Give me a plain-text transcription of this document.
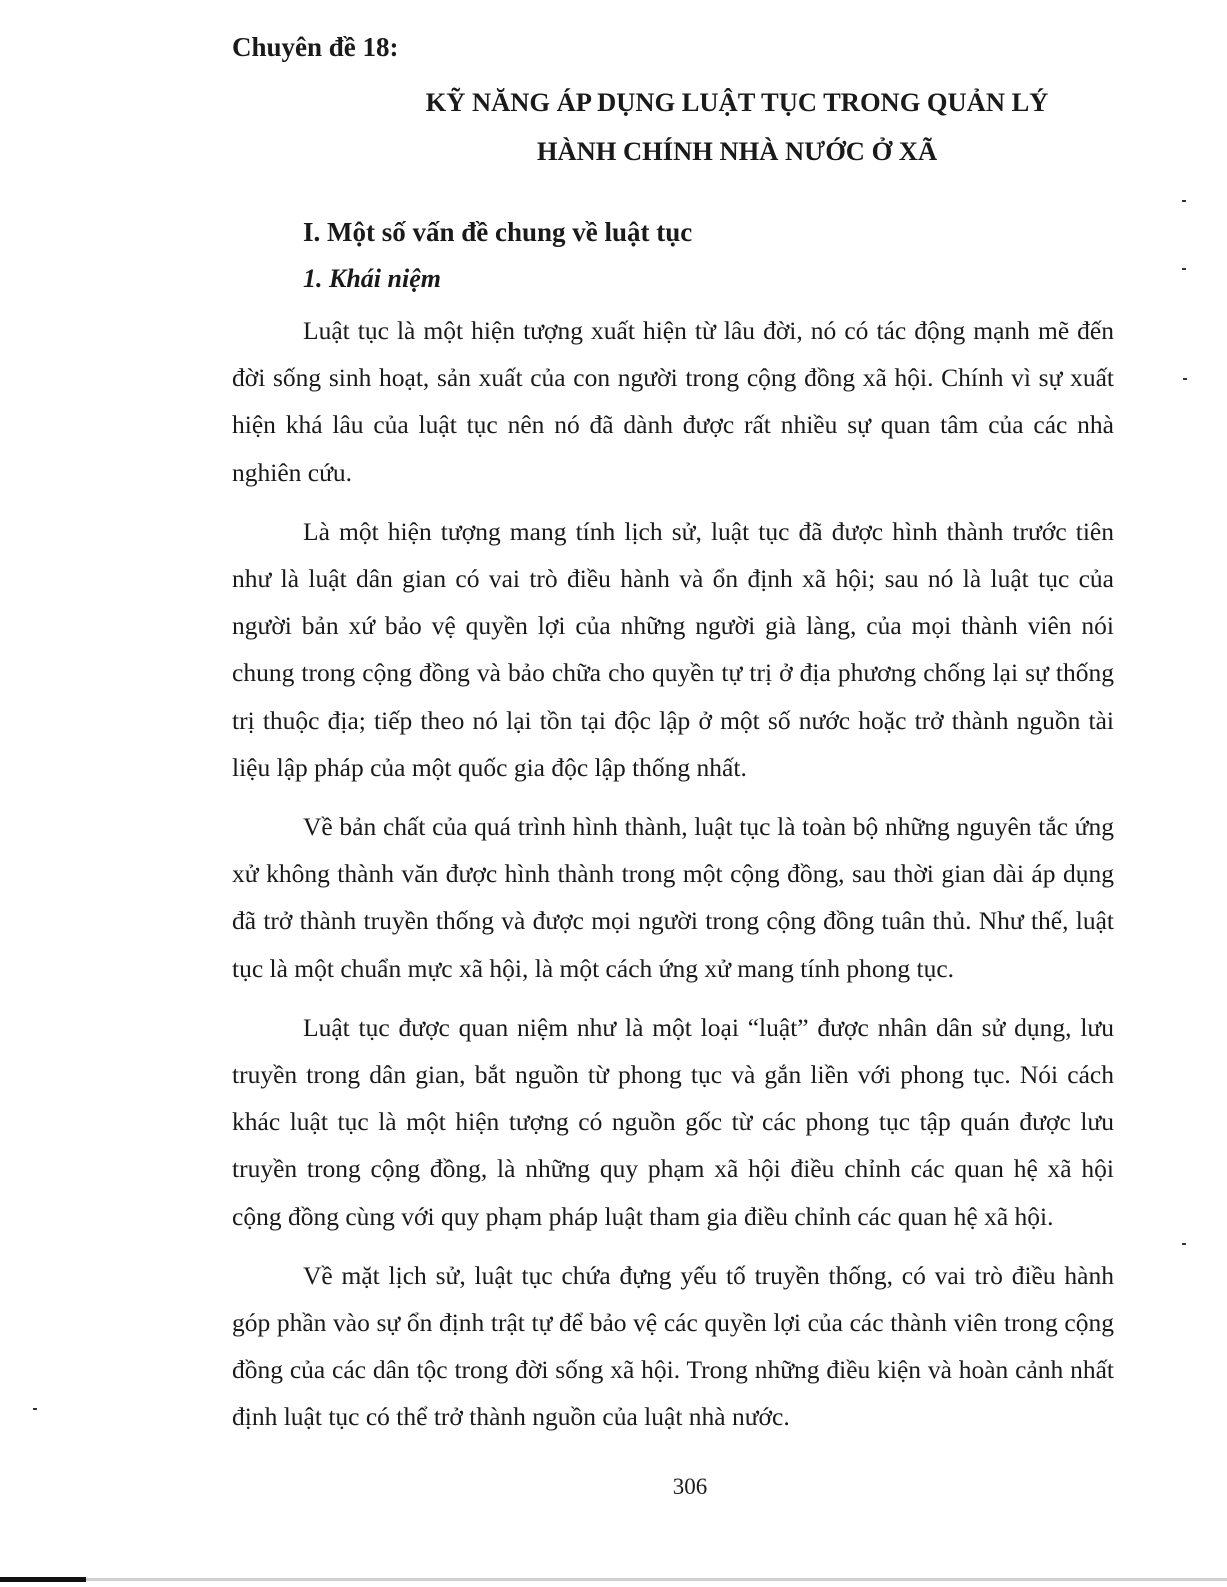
Chuyên đề 18:
KỸ NĂNG ÁP DỤNG LUẬT TỤC TRONG QUẢN LÝ
HÀNH CHÍNH NHÀ NƯỚC Ở XÃ
I. Một số vấn đề chung về luật tục
1. Khái niệm

Luật tục là một hiện tượng xuất hiện từ lâu đời, nó có tác động mạnh mẽ đến đời sống sinh hoạt, sản xuất của con người trong cộng đồng xã hội. Chính vì sự xuất hiện khá lâu của luật tục nên nó đã dành được rất nhiều sự quan tâm của các nhà nghiên cứu.

Là một hiện tượng mang tính lịch sử, luật tục đã được hình thành trước tiên như là luật dân gian có vai trò điều hành và ổn định xã hội; sau nó là luật tục của người bản xứ bảo vệ quyền lợi của những người già làng, của mọi thành viên nói chung trong cộng đồng và bảo chữa cho quyền tự trị ở địa phương chống lại sự thống trị thuộc địa; tiếp theo nó lại tồn tại độc lập ở một số nước hoặc trở thành nguồn tài liệu lập pháp của một quốc gia độc lập thống nhất.

Về bản chất của quá trình hình thành, luật tục là toàn bộ những nguyên tắc ứng xử không thành văn được hình thành trong một cộng đồng, sau thời gian dài áp dụng đã trở thành truyền thống và được mọi người trong cộng đồng tuân thủ. Như thế, luật tục là một chuẩn mực xã hội, là một cách ứng xử mang tính phong tục.

Luật tục được quan niệm như là một loại “luật” được nhân dân sử dụng, lưu truyền trong dân gian, bắt nguồn từ phong tục và gắn liền với phong tục. Nói cách khác luật tục là một hiện tượng có nguồn gốc từ các phong tục tập quán được lưu truyền trong cộng đồng, là những quy phạm xã hội điều chỉnh các quan hệ xã hội cộng đồng cùng với quy phạm pháp luật tham gia điều chỉnh các quan hệ xã hội.

Về mặt lịch sử, luật tục chứa đựng yếu tố truyền thống, có vai trò điều hành góp phần vào sự ổn định trật tự để bảo vệ các quyền lợi của các thành viên trong cộng đồng của các dân tộc trong đời sống xã hội. Trong những điều kiện và hoàn cảnh nhất định luật tục có thể trở thành nguồn của luật nhà nước.

306
